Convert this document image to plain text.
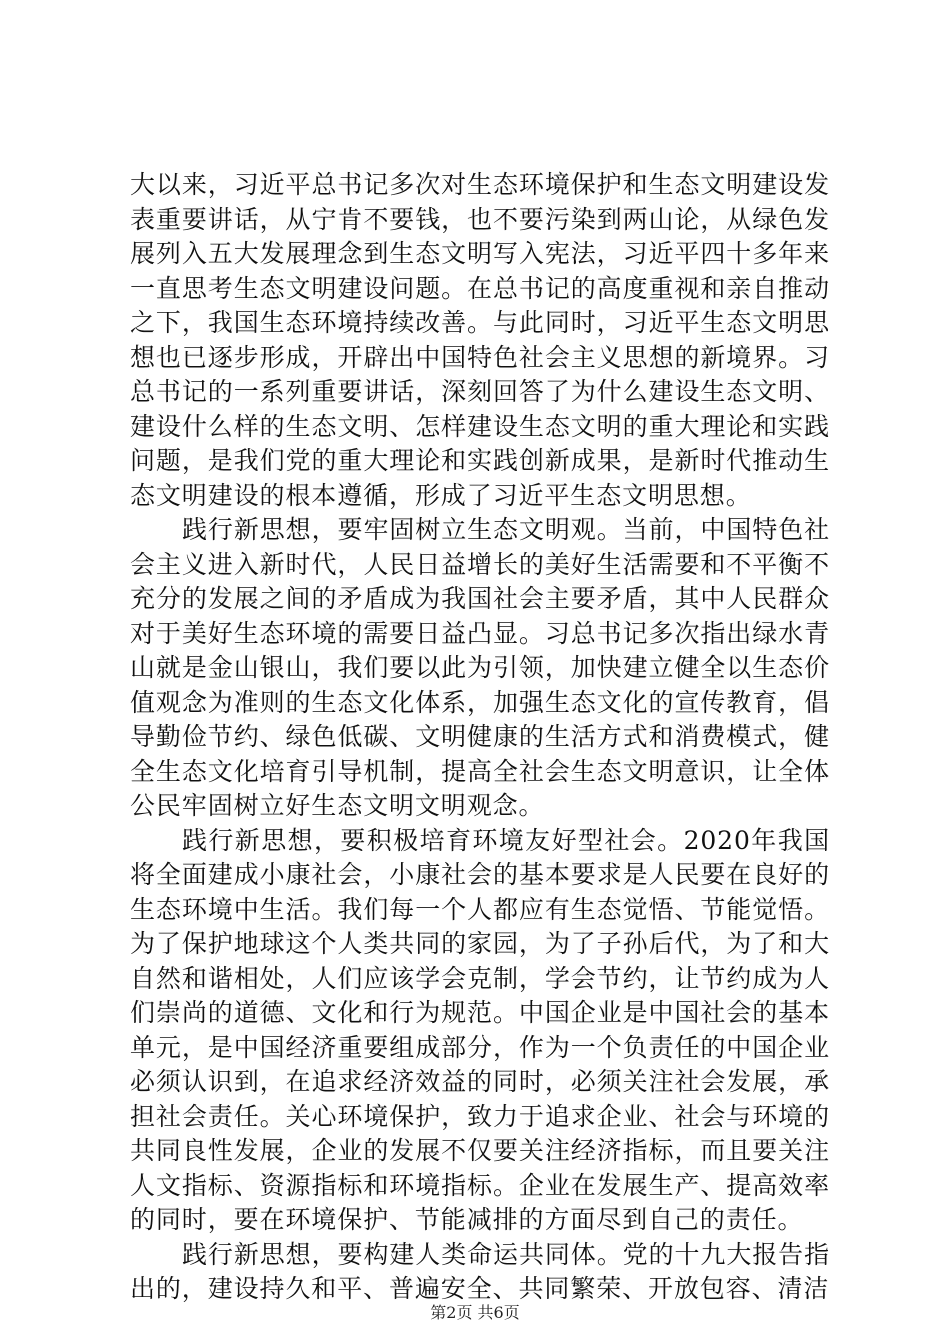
大以来，习近平总书记多次对生态环境保护和生态文明建设发表重要讲话，从宁肯不要钱，也不要污染到两山论，从绿色发展列入五大发展理念到生态文明写入宪法，习近平四十多年来一直思考生态文明建设问题。在总书记的高度重视和亲自推动之下，我国生态环境持续改善。与此同时，习近平生态文明思想也已逐步形成，开辟出中国特色社会主义思想的新境界。习总书记的一系列重要讲话，深刻回答了为什么建设生态文明、建设什么样的生态文明、怎样建设生态文明的重大理论和实践问题，是我们党的重大理论和实践创新成果，是新时代推动生态文明建设的根本遵循，形成了习近平生态文明思想。

践行新思想，要牢固树立生态文明观。当前，中国特色社会主义进入新时代，人民日益增长的美好生活需要和不平衡不充分的发展之间的矛盾成为我国社会主要矛盾，其中人民群众对于美好生态环境的需要日益凸显。习总书记多次指出绿水青山就是金山银山，我们要以此为引领，加快建立健全以生态价值观念为准则的生态文化体系，加强生态文化的宣传教育，倡导勤俭节约、绿色低碳、文明健康的生活方式和消费模式，健全生态文化培育引导机制，提高全社会生态文明意识，让全体公民牢固树立好生态文明文明观念。

践行新思想，要积极培育环境友好型社会。2020年我国将全面建成小康社会，小康社会的基本要求是人民要在良好的生态环境中生活。我们每一个人都应有生态觉悟、节能觉悟。为了保护地球这个人类共同的家园，为了子孙后代，为了和大自然和谐相处，人们应该学会克制，学会节约，让节约成为人们崇尚的道德、文化和行为规范。中国企业是中国社会的基本单元，是中国经济重要组成部分，作为一个负责任的中国企业必须认识到，在追求经济效益的同时，必须关注社会发展，承担社会责任。关心环境保护，致力于追求企业、社会与环境的共同良性发展，企业的发展不仅要关注经济指标，而且要关注人文指标、资源指标和环境指标。企业在发展生产、提高效率的同时，要在环境保护、节能减排的方面尽到自己的责任。

践行新思想，要构建人类命运共同体。党的十九大报告指出的，建设持久和平、普遍安全、共同繁荣、开放包容、清洁

第2页 共6页
